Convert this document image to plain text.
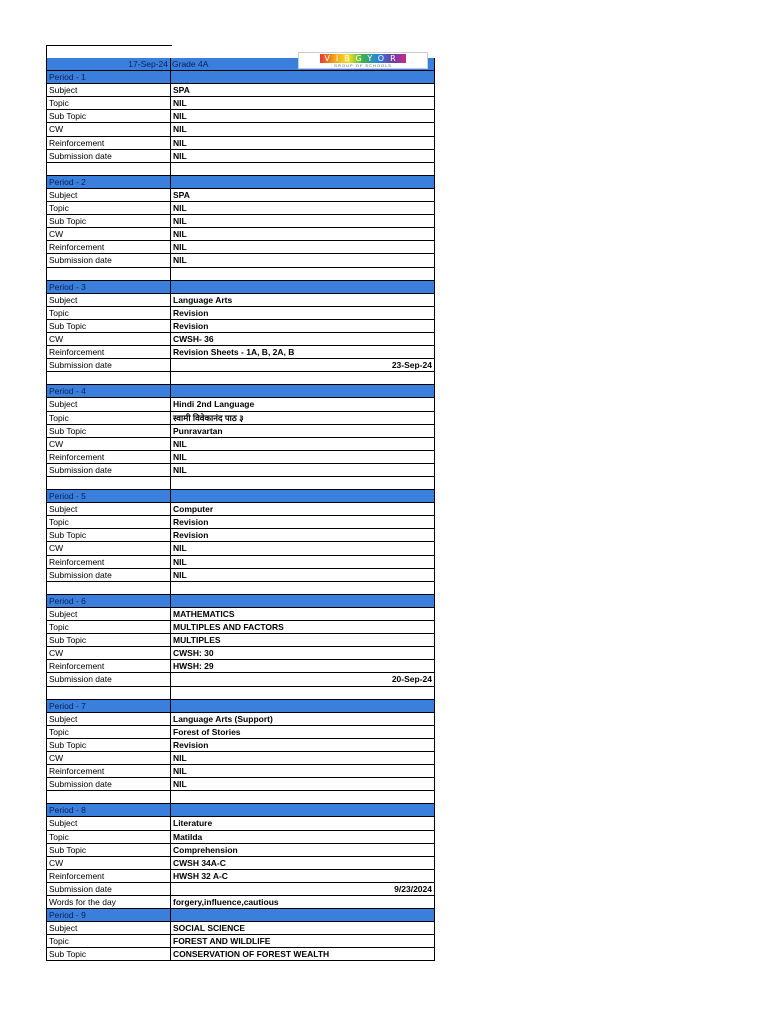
17-Sep-24 Grade 4A
Period - 1
Subject	SPA
Topic	NIL
Sub Topic	NIL
CW	NIL
Reinforcement	NIL
Submission date	NIL
Period - 2
Subject	SPA
Topic	NIL
Sub Topic	NIL
CW	NIL
Reinforcement	NIL
Submission date	NIL
Period - 3
Subject	Language Arts
Topic	Revision
Sub Topic	Revision
CW	CWSH- 36
Reinforcement	Revision Sheets - 1A, B, 2A, B
Submission date	23-Sep-24
Period - 4
Subject	Hindi 2nd Language
Topic	स्वामी विवेकानंद पाठ ३
Sub Topic	Punravartan
CW	NIL
Reinforcement	NIL
Submission date	NIL
Period - 5
Subject	Computer
Topic	Revision
Sub Topic	Revision
CW	NIL
Reinforcement	NIL
Submission date	NIL
Period - 6
Subject	MATHEMATICS
Topic	MULTIPLES AND FACTORS
Sub Topic	MULTIPLES
CW	CWSH: 30
Reinforcement	HWSH: 29
Submission date	20-Sep-24
Period - 7
Subject	Language Arts (Support)
Topic	Forest of Stories
Sub Topic	Revision
CW	NIL
Reinforcement	NIL
Submission date	NIL
Period - 8
Subject	Literature
Topic	Matilda
Sub Topic	Comprehension
CW	CWSH 34A-C
Reinforcement	HWSH 32 A-C
Submission date	9/23/2024
Words for the day	forgery,influence,cautious
Period - 9
Subject	SOCIAL SCIENCE
Topic	FOREST AND WILDLIFE
Sub Topic	CONSERVATION OF FOREST WEALTH
VIBGYOR
GROUP OF SCHOOLS
